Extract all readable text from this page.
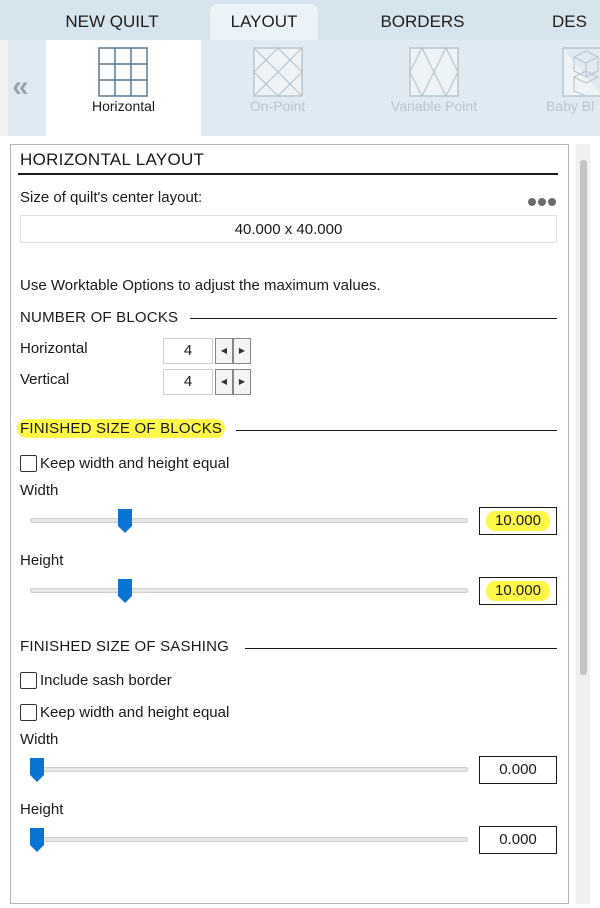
NEW QUILT	LAYOUT	BORDERS	DES
«
Horizontal	On-Point	Variable Point	Baby Bl
HORIZONTAL LAYOUT
Size of quilt's center layout:
40.000 x 40.000
Use Worktable Options to adjust the maximum values.
NUMBER OF BLOCKS
Horizontal	4	◀	▶
Vertical	4	◀	▶
FINISHED SIZE OF BLOCKS
Keep width and height equal
Width
10.000
Height
10.000
FINISHED SIZE OF SASHING
Include sash border
Keep width and height equal
Width
0.000
Height
0.000
